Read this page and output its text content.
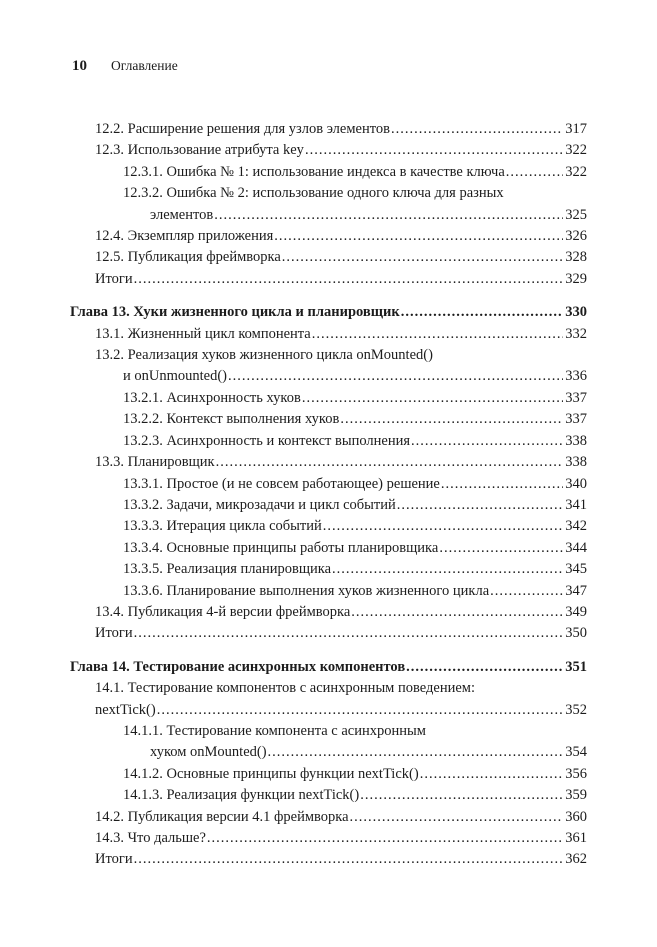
10 Оглавление
12.2. Расширение решения для узлов элементов .....	317
12.3. Использование атрибута key .....	322
12.3.1. Ошибка № 1: использование индекса в качестве ключа .....	322
12.3.2. Ошибка № 2: использование одного ключа для разных
элементов .....	325
12.4. Экземпляр приложения .....	326
12.5. Публикация фреймворка .....	328
Итоги .....	329
Глава 13. Хуки жизненного цикла и планировщик .....	330
13.1. Жизненный цикл компонента .....	332
13.2. Реализация хуков жизненного цикла onMounted()
и onUnmounted() .....	336
13.2.1. Асинхронность хуков .....	337
13.2.2. Контекст выполнения хуков .....	337
13.2.3. Асинхронность и контекст выполнения .....	338
13.3. Планировщик .....	338
13.3.1. Простое (и не совсем работающее) решение .....	340
13.3.2. Задачи, микрозадачи и цикл событий .....	341
13.3.3. Итерация цикла событий .....	342
13.3.4. Основные принципы работы планировщика .....	344
13.3.5. Реализация планировщика .....	345
13.3.6. Планирование выполнения хуков жизненного цикла .....	347
13.4. Публикация 4-й версии фреймворка .....	349
Итоги .....	350
Глава 14. Тестирование асинхронных компонентов .....	351
14.1. Тестирование компонентов с асинхронным поведением:
nextTick() .....	352
14.1.1. Тестирование компонента с асинхронным
хуком onMounted() .....	354
14.1.2. Основные принципы функции nextTick() .....	356
14.1.3. Реализация функции nextTick() .....	359
14.2. Публикация версии 4.1 фреймворка .....	360
14.3. Что дальше? .....	361
Итоги .....	362
